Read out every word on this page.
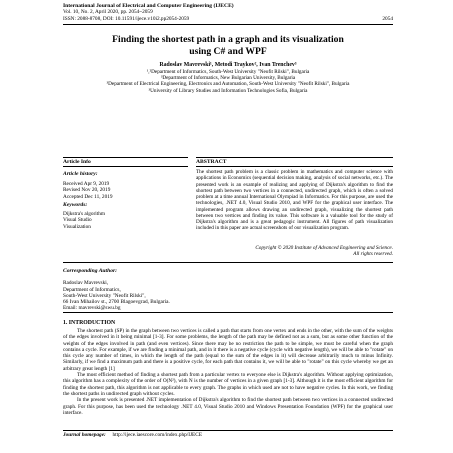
International Journal of Electrical and Computer Engineering (IJECE)
Vol. 10, No. 2, April 2020, pp. 2054~2059
ISSN: 2088-8708, DOI: 10.11591/ijece.v10i2.pp2054-2059	2054
Finding the shortest path in a graph and its visualization
using C# and WPF
Radoslav Mavrevski¹, Metodi Traykov², Ivan Trenchev³
¹,²Department of Informatics, South-West University "Neofit Rilski", Bulgaria
³Department of Informatics, New Bulgarian University, Bulgaria
³Department of Electrical Engineering, Electronics and Automation, South-West University "Neofit Rilski", Bulgaria
³University of Library Studies and Information Technologies Sofia, Bulgaria
Article Info	ABSTRACT
Article history:
Received Apr 9, 2019
Revised Nov 20, 2019
Accepted Dec 11, 2019
Keywords:
Dijkstra's algorithm
Visual Studio
Visualization
The shortest path problem is a classic problem in mathematics and computer science with applications in Economics (sequential decision making, analysis of social networks, etc.). The presented work is an example of realizing and applying of Dijkstra's algorithm to find the shortest path between two vertices in a connected, undirected graph, which is often a solved problem at a time annual International Olympiad in Informatics. For this purpose, are used the technologies, .NET 4.0, Visual Studio 2010, and WPF for the graphical user interface. The implemented program allows drawing an undirected graph, visualizing the shortest path between two vertices and finding its value. This software is a valuable tool for the study of Dijkstra's algorithm and is a great pedagogic instrument. All figures of path visualization included in this paper are actual screenshots of our visualization program.
Copyright © 2020 Institute of Advanced Engineering and Science.
All rights reserved.
Corresponding Author:
Radoslav Mavrevski,
Department of Informatics,
South-West University "Neofit Rilski",
66 Ivan Mihailov st., 2700 Blagoevgrad, Bulgaria.
Email: mavrevski@swu.bg
1. INTRODUCTION

The shortest path (SP) in the graph between two vertices is called a path that starts from one vertex and ends in the other, with the sum of the weights of the edges involved in it being minimal [1-3]. For some problems, the length of the path may be defined not as a sum, but as some other function of the weights of the edges involved in path (and even vertices). Since there may be no restriction the path to be simple, we must be careful when the graph contains a cycle. For example, if we are finding a minimal path, and in it there is a negative cycle (cycle with negative length), we will be able to "rotate" on this cycle any number of times, in which the length of the path (equal to the sum of the edges in it) will decrease arbitrarily much to minus Infinity. Similarly, if we find a maximum path and there is a positive cycle, for each path that contains it, we will be able to "rotate" on this cycle whereby we get an arbitrary great length [1]

The most efficient method of finding a shortest path from a particular vertex to everyone else is Dijkstra's algorithm. Without applying optimization, this algorithm has a complexity of the order of O(N²), with N is the number of vertices in a given graph [1-3]. Although it is the most efficient algorithm for finding the shortest path, this algorithm is not applicable to every graph. The graphs in which used are not to have negative cycles. In this work, we finding the shortest paths in undirected graph without cycles.

In the present work is presented .NET implementation of Dijkstra's algorithm to find the shortest path between two vertices in a connected undirected graph. For this purpose, has been used the technology .NET 4.0, Visual Studio 2010 and Windows Presentation Foundation (WPF) for the graphical user interface.

Journal homepage: http://ijece.iaescore.com/index.php/IJECE
